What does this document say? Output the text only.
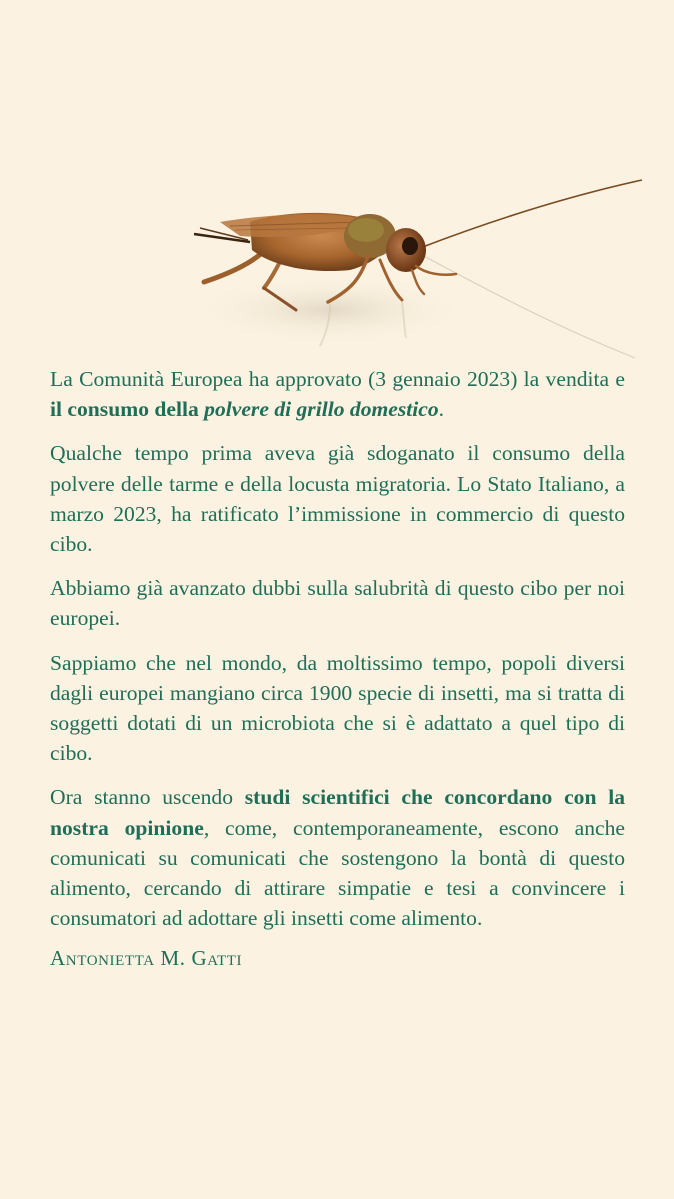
La Comunità Europea ha approvato (3 gennaio 2023) la vendita e il consumo della polvere di grillo domestico.

Qualche tempo prima aveva già sdoganato il consumo della polvere delle tarme e della locusta migratoria. Lo Stato Italiano, a marzo 2023, ha ratificato l’immissione in commercio di questo cibo.

Abbiamo già avanzato dubbi sulla salubrità di questo cibo per noi europei.

Sappiamo che nel mondo, da moltissimo tempo, popoli diversi dagli europei mangiano circa 1900 specie di insetti, ma si tratta di soggetti dotati di un microbiota che si è adattato a quel tipo di cibo.

Ora stanno uscendo studi scientifici che concordano con la nostra opinione, come, contemporaneamente, escono anche comunicati su comunicati che sostengono la bontà di questo alimento, cercando di attirare simpatie e tesi a convincere i consumatori ad adottare gli insetti come alimento.

Antonietta M. Gatti
